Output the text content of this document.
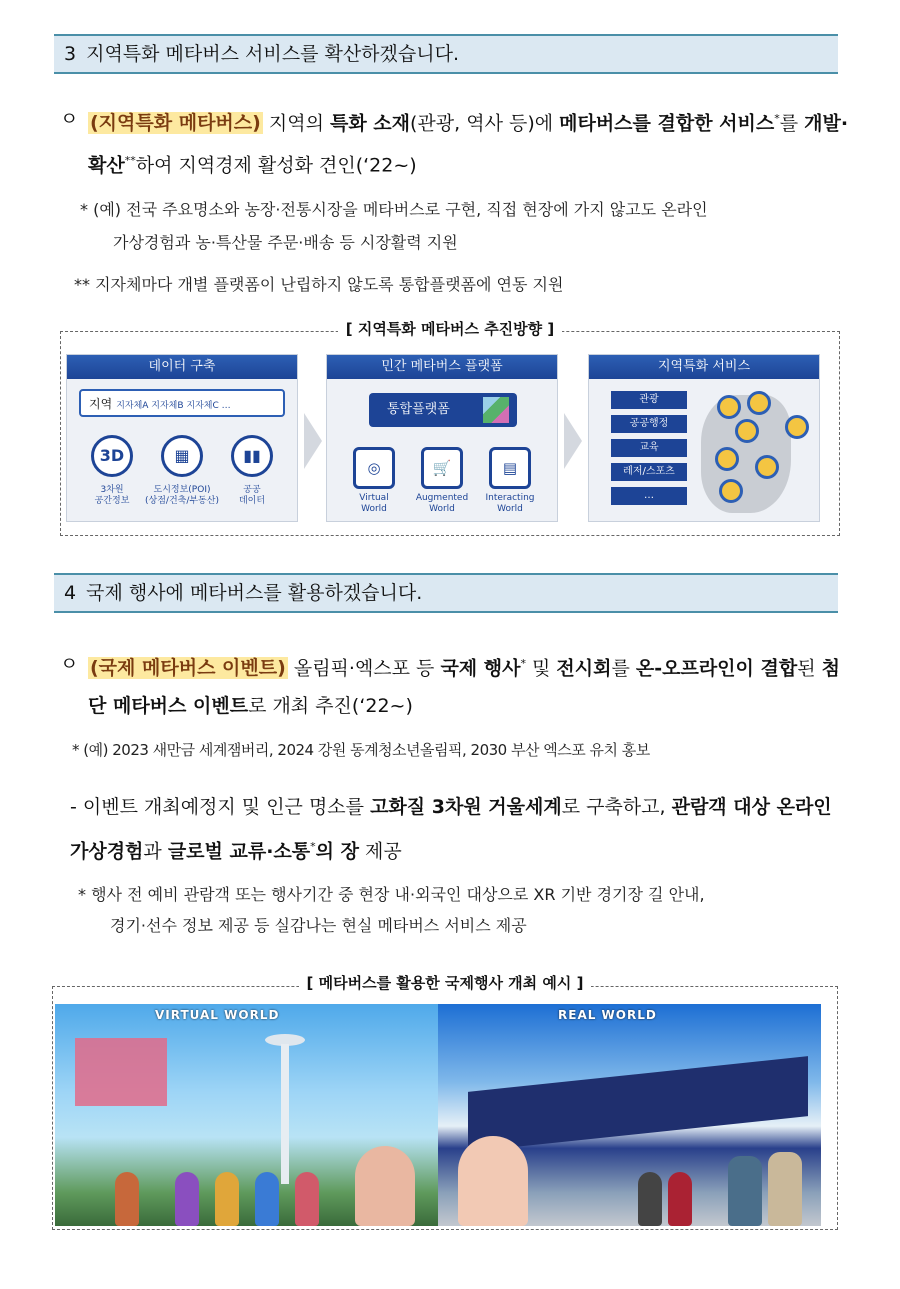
3 지역특화 메타버스 서비스를 확산하겠습니다.
ㅇ (지역특화 메타버스) 지역의 특화 소재(관광, 역사 등)에 메타버스를 결합한 서비스*를 개발·확산**하여 지역경제 활성화 견인(‘22~)
* (예) 전국 주요명소와 농장·전통시장을 메타버스로 구현, 직접 현장에 가지 않고도 온라인
가상경험과 농·특산물 주문·배송 등 시장활력 지원
** 지자체마다 개별 플랫폼이 난립하지 않도록 통합플랫폼에 연동 지원
[ 지역특화 메타버스 추진방향 ]
데이터 구축
지역 지자체A 지자체B 지자체C …
3D	▦	▮▮
3차원
공간정보
도시정보(POI)
(상점/건축/부동산)
공공
데이터
민간 메타버스 플랫폼
통합플랫폼
◎	🛒	▤
Virtual
World
Augmented
World
Interacting
World
지역특화 서비스
관광
공공행정
교육
레저/스포츠
…
4 국제 행사에 메타버스를 활용하겠습니다.
ㅇ (국제 메타버스 이벤트) 올림픽·엑스포 등 국제 행사* 및 전시회를 온-오프라인이 결합된 첨단 메타버스 이벤트로 개최 추진(‘22~)
* (예) 2023 새만금 세계잼버리, 2024 강원 동계청소년올림픽, 2030 부산 엑스포 유치 홍보
- 이벤트 개최예정지 및 인근 명소를 고화질 3차원 거울세계로 구축하고, 관람객 대상 온라인 가상경험과 글로벌 교류·소통*의 장 제공
* 행사 전 예비 관람객 또는 행사기간 중 현장 내·외국인 대상으로 XR 기반 경기장 길 안내,
경기·선수 정보 제공 등 실감나는 현실 메타버스 서비스 제공
[ 메타버스를 활용한 국제행사 개최 예시 ]
VIRTUAL WORLD	REAL WORLD
